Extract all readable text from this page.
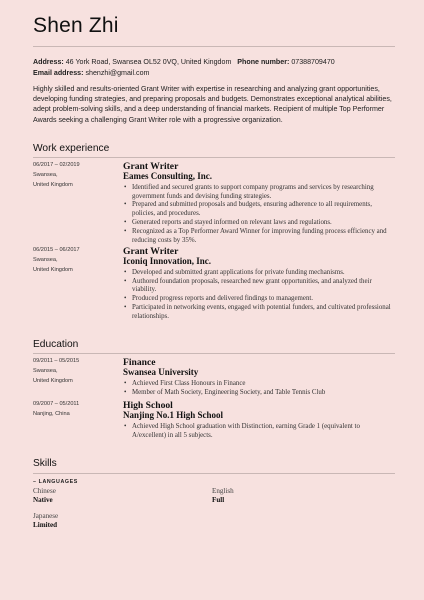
Shen Zhi
Address: 46 York Road, Swansea OL52 0VQ, United Kingdom Phone number: 07388709470
Email address: shenzhi@gmail.com
Highly skilled and results-oriented Grant Writer with expertise in researching and analyzing grant opportunities, developing funding strategies, and preparing proposals and budgets. Demonstrates exceptional analytical abilities, adept problem-solving skills, and a deep understanding of financial markets. Recipient of multiple Top Performer Awards seeking a challenging Grant Writer role with a progressive organization.
Work experience
06/2017 – 02/2019
Swansea,
United Kingdom
Grant Writer
Eames Consulting, Inc.
• Identified and secured grants to support company programs and services by researching government funds and devising funding strategies.
• Prepared and submitted proposals and budgets, ensuring adherence to all requirements, policies, and procedures.
• Generated reports and stayed informed on relevant laws and regulations.
• Recognized as a Top Performer Award Winner for improving funding process efficiency and reducing costs by 35%.
06/2015 – 06/2017
Swansea,
United Kingdom
Grant Writer
Iconiq Innovation, Inc.
• Developed and submitted grant applications for private funding mechanisms.
• Authored foundation proposals, researched new grant opportunities, and analyzed their viability.
• Produced progress reports and delivered findings to management.
• Participated in networking events, engaged with potential funders, and cultivated professional relationships.
Education
09/2011 – 05/2015
Swansea,
United Kingdom
Finance
Swansea University
• Achieved First Class Honours in Finance
• Member of Math Society, Engineering Society, and Table Tennis Club
09/2007 – 05/2011
Nanjing, China
High School
Nanjing No.1 High School
• Achieved High School graduation with Distinction, earning Grade 1 (equivalent to A/excellent) in all 5 subjects.
Skills
– LANGUAGES
Chinese
Native
English
Full
Japanese
Limited
